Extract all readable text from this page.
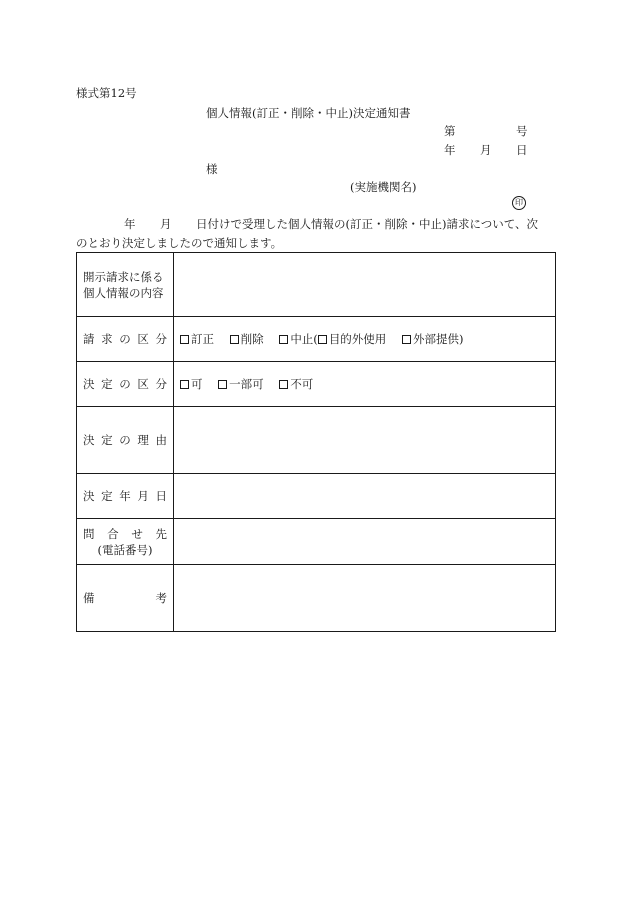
様式第12号
個人情報(訂正・削除・中止)決定通知書
第	号
年 月 日
様
(実施機関名)
印
年 月 日付けで受理した個人情報の(訂正・削除・中止)請求について、次
のとおり決定しましたので通知します。
開示請求に係る
個人情報の内容	

請 求 の 区 分	訂正 削除 中止( 目的外使用 外部提供)

決 定 の 区 分	可 一部可 不可

決 定 の 理 由	

決 定 年 月 日	

問 合 せ 先
(電話番号)	

備 考	
